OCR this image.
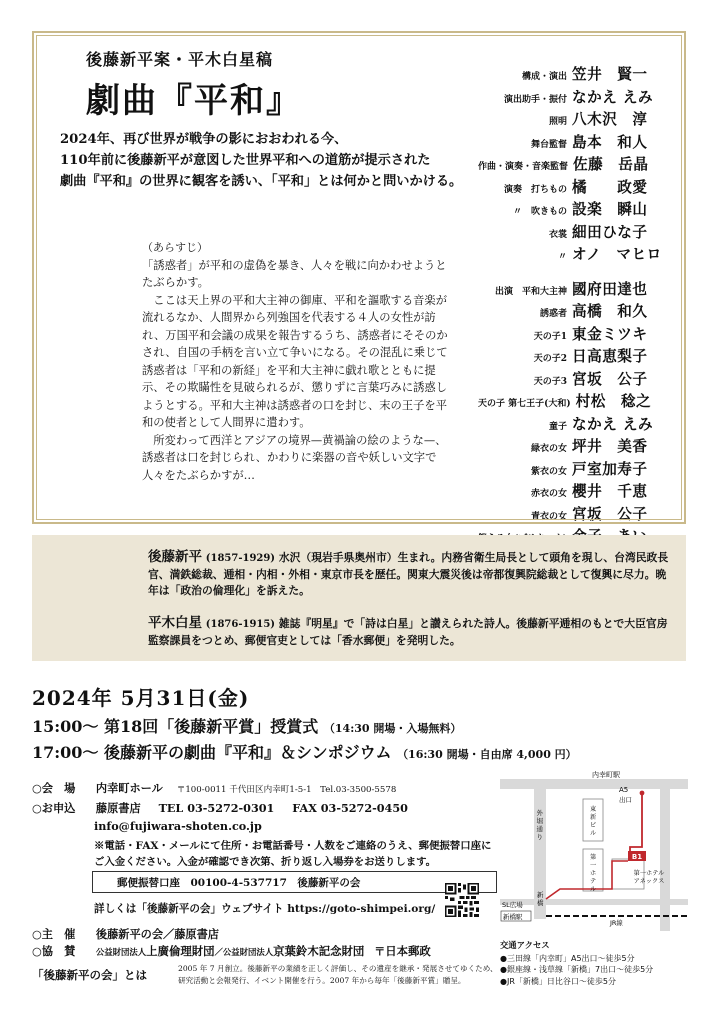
後藤新平案・平木白星稿
劇曲『平和』
2024年、再び世界が戦争の影におおわれる今、
110年前に後藤新平が意図した世界平和への道筋が提示された
劇曲『平和』の世界に観客を誘い、「平和」とは何かと問いかける。
（あらすじ）

「誘惑者」が平和の虚偽を暴き、人々を戦に向かわせようとたぶらかす。

ここは天上界の平和大主神の御庫、平和を謳歌する音楽が流れるなか、人間界から列強国を代表する４人の女性が訪れ、万国平和会議の成果を報告するうち、誘惑者にそそのかされ、自国の手柄を言い立て争いになる。その混乱に乗じて誘惑者は「平和の新経」を平和大主神に戯れ歌とともに提示、その欺瞞性を見破られるが、懲りずに言葉巧みに誘惑しようとする。平和大主神は誘惑者の口を封じ、末の王子を平和の使者として人間界に遣わす。

所変わって西洋とアジアの境界—黄禍論の絵のような—、誘惑者は口を封じられ、かわりに楽器の音や妖しい文字で人々をたぶらかすが…

構成・演出 笠井　賢一
演出助手・振付 なかえ えみ
照明 八木沢　淳
舞台監督 島本　和人
作曲・演奏・音楽監督 佐藤　岳晶
演奏　打ちもの 橘　　政愛
〃　吹きもの 設楽　瞬山
衣裳 細田ひな子
〃 オノ　マヒロ
出演　平和大主神 國府田達也
誘惑者 高橋　和久
天の子1 東金ミツキ
天の子2 日高恵梨子
天の子3 宮坂　公子
天の子 第七王子(大和) 村松　稔之
童子 なかえ えみ
緑衣の女 坪井　美香
紫衣の女 戸室加寿子
赤衣の女 櫻井　千恵
青衣の女 宮坂　公子
後藤新平 (1857-1929) 水沢（現岩手県奥州市）生まれ。内務省衛生局長として頭角を現し、台湾民政長官、満鉄総裁、逓相・内相・外相・東京市長を歴任。関東大震災後は帝都復興院総裁として復興に尽力。晩年は「政治の倫理化」を訴えた。
平木白星 (1876-1915) 雑誌『明星』で「詩は白星」と讃えられた詩人。後藤新平逓相のもとで大臣官房監察課員をつとめ、郵便官吏としては「香水郵便」を発明した。
2024年 5月31日(金)
15:00〜 第18回「後藤新平賞」授賞式 （14:30 開場・入場無料）
17:00〜 後藤新平の劇曲『平和』＆シンポジウム （16:30 開場・自由席 4,000 円）
○会　場 内幸町ホール 〒100-0011 千代田区内幸町1-5-1　Tel.03-3500-5578
○お申込 藤原書店 TEL 03-5272-0301 FAX 03-5272-0450
info@fujiwara-shoten.co.jp
※電話・FAX・メールにて住所・お電話番号・人数をご連絡のうえ、郵便振替口座にご入金ください。入金が確認でき次第、折り返し入場券をお送りします。
郵便振替口座　00100-4-537717　後藤新平の会
詳しくは「後藤新平の会」ウェブサイト https://goto-shimpei.org/
○主　催 後藤新平の会／藤原書店
○協　賛 公益財団法人上廣倫理財団／公益財団法人京葉鈴木記念財団 〒日本郵政
「後藤新平の会」とは	2005 年 7 月創立。後藤新平の業績を正しく評価し、その遺産を継承・発展させてゆくため、研究活動と会報発行、イベント開催を行う。2007 年から毎年「後藤新平賞」贈呈。
内幸町駅
A5
出口
B1
第一ホテルアネックス
SL広場
新橋駅
JR線
外堀通り
東新ビル
第一ホテル
新橋
交通アクセス
●三田線「内幸町」A5出口〜徒歩5分
●銀座線・浅草線「新橋」7出口〜徒歩5分
●JR「新橋」日比谷口〜徒歩5分
